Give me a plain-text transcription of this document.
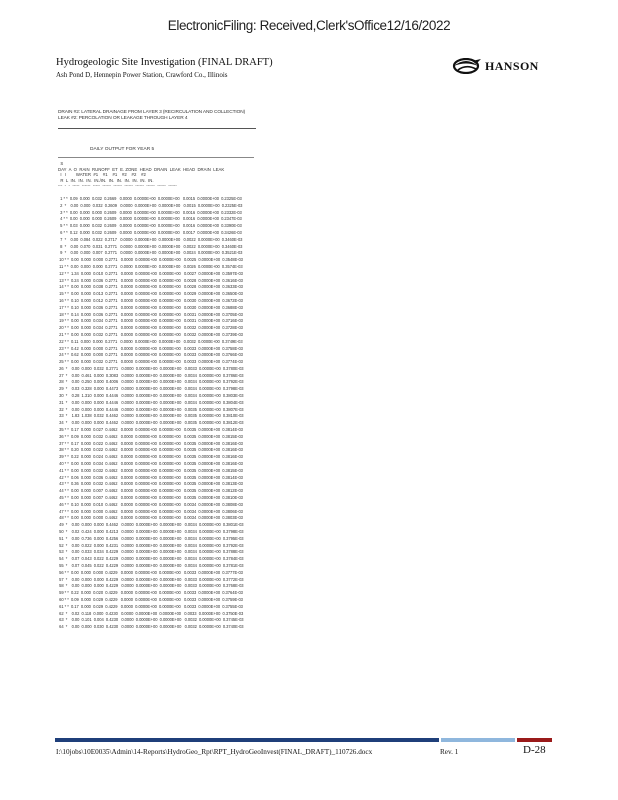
ElectronicFiling: Received,Clerk'sOffice12/16/2022
Hydrogeologic Site Investigation (FINAL DRAFT)
Ash Pond D, Hennepin Power Station, Crawford Co., Illinois
HANSON
DRAIN #2: LATERAL DRAINAGE FROM LAYER 3 (RECIRCULATION AND COLLECTION)
LEAK #2: PERCOLATION OR LEAKAGE THROUGH LAYER 4
DAILY OUTPUT FOR YEAR 5
S
DAY  A  O  RAIN  RUNOFF  ET  E. ZONE  HEAD  DRAIN  LEAK  HEAD  DRAIN  LEAK
I   I        WATER  #1    #1    #1    #2    #2    #2
R  L  IN.  IN.  IN.  IN./IN.  IN.  IN.  IN.  IN.  IN.  IN.
---  -  -  -----  ------  -----  ------  ------  ------  ------  ------  ------  ------
1 * *  0.09  0.000  0.032  0.2669   0.0000  0.0000E+00  0.0000E+00   0.0015  0.0000E+00  0.2325E-03
2  *    0.00  0.000  0.032  0.2609   0.0000  0.0000E+00  0.0000E+00   0.0015  0.0000E+00  0.2325E-03
3 * *  0.00  0.000  0.000  0.2609   0.0000  0.0000E+00  0.0000E+00   0.0016  0.0000E+00  0.2332E-03
4 * *  0.00  0.000  0.000  0.2609   0.0000  0.0000E+00  0.0000E+00   0.0016  0.0000E+00  0.2347E-03
5 * *  0.03  0.000  0.032  0.2609   0.0000  0.0000E+00  0.0000E+00   0.0016  0.0000E+00  0.3390E-03
6 * *  0.12  0.000  0.032  0.2609   0.0000  0.0000E+00  0.0000E+00   0.0017  0.0000E+00  0.3426E-03
7  *    0.00  0.084  0.022  0.2717   0.0000  0.0000E+00  0.0000E+00   0.0022  0.0000E+00  0.3460E-03
8  *    0.00  0.070  0.031  0.2771   0.0000  0.0000E+00  0.0000E+00   0.0022  0.0000E+00  0.3460E-03
9  *    0.00  0.000  0.007  0.2771   0.0000  0.0000E+00  0.0000E+00   0.0024  0.0000E+00  0.3521E-03
10 * *  0.00  0.000  0.000  0.2771   0.0000  0.0000E+00  0.0000E+00   0.0025  0.0000E+00  0.3548E-03
11 * *  0.00  0.000  0.000  0.2771   0.0000  0.0000E+00  0.0000E+00   0.0026  0.0000E+00  0.3574E-03
12 * *  1.34  0.000  0.010  0.2771   0.0000  0.0000E+00  0.0000E+00   0.0027  0.0000E+00  0.3597E-03
13 * *  0.24  0.000  0.036  0.2771   0.0000  0.0000E+00  0.0000E+00   0.0028  0.0000E+00  0.3616E-03
14 * *  0.00  0.000  0.038  0.2771   0.0000  0.0000E+00  0.0000E+00   0.0028  0.0000E+00  0.3633E-03
15 * *  0.00  0.000  0.013  0.2771   0.0000  0.0000E+00  0.0000E+00   0.0029  0.0000E+00  0.3650E-03
16 * *  0.10  0.000  0.012  0.2771   0.0000  0.0000E+00  0.0000E+00   0.0030  0.0000E+00  0.3672E-03
17 * *  0.10  0.000  0.036  0.2771   0.0000  0.0000E+00  0.0000E+00   0.0030  0.0000E+00  0.3688E-03
18 * *  0.14  0.000  0.036  0.2771   0.0000  0.0000E+00  0.0000E+00   0.0031  0.0000E+00  0.3705E-03
19 * *  0.00  0.000  0.034  0.2771   0.0000  0.0000E+00  0.0000E+00   0.0031  0.0000E+00  0.3716E-03
20 * *  0.00  0.000  0.034  0.2771   0.0000  0.0000E+00  0.0000E+00   0.0032  0.0000E+00  0.3728E-03
21 * *  0.00  0.000  0.032  0.2771   0.0000  0.0000E+00  0.0000E+00   0.0032  0.0000E+00  0.3739E-03
22 * *  0.11  0.000  0.000  0.2771   0.0000  0.0000E+00  0.0000E+00   0.0032  0.0000E+00  0.3749E-03
23 * *  0.42  0.000  0.000  0.2771   0.0000  0.0000E+00  0.0000E+00   0.0033  0.0000E+00  0.3758E-03
24 * *  0.62  0.000  0.000  0.2771   0.0000  0.0000E+00  0.0000E+00   0.0033  0.0000E+00  0.3766E-03
25 * *  0.00  0.000  0.032  0.2771   0.0000  0.0000E+00  0.0000E+00   0.0033  0.0000E+00  0.3774E-03
26  *    0.00  0.000  0.032  0.2771   0.0000  0.0000E+00  0.0000E+00   0.0033  0.0000E+00  0.3780E-03
27  *    0.00  0.461  0.000  0.3083   0.0000  0.0000E+00  0.0000E+00   0.0034  0.0000E+00  0.3786E-03
28  *    0.00  0.250  0.000  0.4006   0.0000  0.0000E+00  0.0000E+00   0.0034  0.0000E+00  0.3792E-03
29  *    0.03  0.328  0.000  0.4473   0.0000  0.0000E+00  0.0000E+00   0.0034  0.0000E+00  0.3798E-03
30  *    0.28  1.310  0.000  0.4446   0.0000  0.0000E+00  0.0000E+00   0.0034  0.0000E+00  0.3803E-03
31  *    0.00  0.000  0.000  0.4446   0.0000  0.0000E+00  0.0000E+00   0.0034  0.0000E+00  0.3804E-03
32  *    0.00  0.000  0.000  0.4446   0.0000  0.0000E+00  0.0000E+00   0.0035  0.0000E+00  0.3807E-03
33  *    1.83  1.038  0.032  0.4462   0.0000  0.0000E+00  0.0000E+00   0.0035  0.0000E+00  0.3810E-03
34  *    0.00  0.000  0.000  0.4462   0.0000  0.0000E+00  0.0000E+00   0.0035  0.0000E+00  0.3812E-03
35 * *  0.17  0.000  0.027  0.4462   0.0000  0.0000E+00  0.0000E+00   0.0035  0.0000E+00  0.3814E-03
36 * *  0.09  0.000  0.032  0.4462   0.0000  0.0000E+00  0.0000E+00   0.0035  0.0000E+00  0.3815E-03
37 * *  0.17  0.000  0.022  0.4462   0.0000  0.0000E+00  0.0000E+00   0.0035  0.0000E+00  0.3816E-03
38 * *  0.20  0.000  0.022  0.4462   0.0000  0.0000E+00  0.0000E+00   0.0035  0.0000E+00  0.3816E-03
39 * *  0.22  0.000  0.024  0.4462   0.0000  0.0000E+00  0.0000E+00   0.0035  0.0000E+00  0.3816E-03
40 * *  0.00  0.000  0.034  0.4462   0.0000  0.0000E+00  0.0000E+00   0.0035  0.0000E+00  0.3816E-03
41 * *  0.00  0.000  0.032  0.4462   0.0000  0.0000E+00  0.0000E+00   0.0035  0.0000E+00  0.3815E-03
42 * *  0.06  0.000  0.036  0.4462   0.0000  0.0000E+00  0.0000E+00   0.0035  0.0000E+00  0.3814E-03
43 * *  0.36  0.000  0.032  0.4462   0.0000  0.0000E+00  0.0000E+00   0.0035  0.0000E+00  0.3813E-03
44 * *  0.00  0.000  0.007  0.4462   0.0000  0.0000E+00  0.0000E+00   0.0035  0.0000E+00  0.3812E-03
45 * *  0.00  0.000  0.007  0.4462   0.0000  0.0000E+00  0.0000E+00   0.0035  0.0000E+00  0.3810E-03
46 * *  0.10  0.000  0.010  0.4462   0.0000  0.0000E+00  0.0000E+00   0.0034  0.0000E+00  0.3808E-03
47 * *  0.00  0.000  0.000  0.4462   0.0000  0.0000E+00  0.0000E+00   0.0034  0.0000E+00  0.3806E-03
48 * *  0.00  0.000  0.000  0.4462   0.0000  0.0000E+00  0.0000E+00   0.0034  0.0000E+00  0.3803E-03
49  *    0.00  0.000  0.000  0.4462   0.0000  0.0000E+00  0.0000E+00   0.0034  0.0000E+00  0.3801E-03
50  *    0.02  0.424  0.000  0.4213   0.0000  0.0000E+00  0.0000E+00   0.0034  0.0000E+00  0.3798E-03
51  *    0.00  0.736  0.000  0.4256   0.0000  0.0000E+00  0.0000E+00   0.0034  0.0000E+00  0.3795E-03
52  *    0.00  0.022  0.000  0.4231   0.0000  0.0000E+00  0.0000E+00   0.0034  0.0000E+00  0.3792E-03
53  *    0.00  0.033  0.034  0.4229   0.0000  0.0000E+00  0.0000E+00   0.0034  0.0000E+00  0.3788E-03
54  *    0.07  0.043  0.022  0.4229   0.0000  0.0000E+00  0.0000E+00   0.0034  0.0000E+00  0.3784E-03
55  *    0.07  0.045  0.022  0.4229   0.0000  0.0000E+00  0.0000E+00   0.0034  0.0000E+00  0.3781E-03
56 * *  0.00  0.000  0.000  0.4229   0.0000  0.0000E+00  0.0000E+00   0.0033  0.0000E+00  0.3777E-03
57  *    0.00  0.000  0.000  0.4229   0.0000  0.0000E+00  0.0000E+00   0.0033  0.0000E+00  0.3772E-03
58  *    0.00  0.000  0.000  0.4229   0.0000  0.0000E+00  0.0000E+00   0.0033  0.0000E+00  0.3768E-03
59 * *  0.22  0.000  0.020  0.4229   0.0000  0.0000E+00  0.0000E+00   0.0033  0.0000E+00  0.3764E-03
60 * *  0.09  0.000  0.029  0.4229   0.0000  0.0000E+00  0.0000E+00   0.0033  0.0000E+00  0.3759E-03
61 * *  0.17  0.000  0.029  0.4229   0.0000  0.0000E+00  0.0000E+00   0.0033  0.0000E+00  0.3755E-03
62  *    0.02  0.118  0.000  0.4230   0.0000  0.0000E+00  0.0000E+00   0.0033  0.0000E+00  0.3750E-03
63  *    0.00  0.101  0.004  0.4230   0.0000  0.0000E+00  0.0000E+00   0.0032  0.0000E+00  0.3745E-03
64  *    0.00  0.000  0.030  0.4230   0.0000  0.0000E+00  0.0000E+00   0.0032  0.0000E+00  0.3740E-03
I:\10jobs\10E0035\Admin\14-Reports\HydroGeo_Rpt\RPT_HydroGeoInvest(FINAL_DRAFT)_110726.docx	Rev. 1	D-28
